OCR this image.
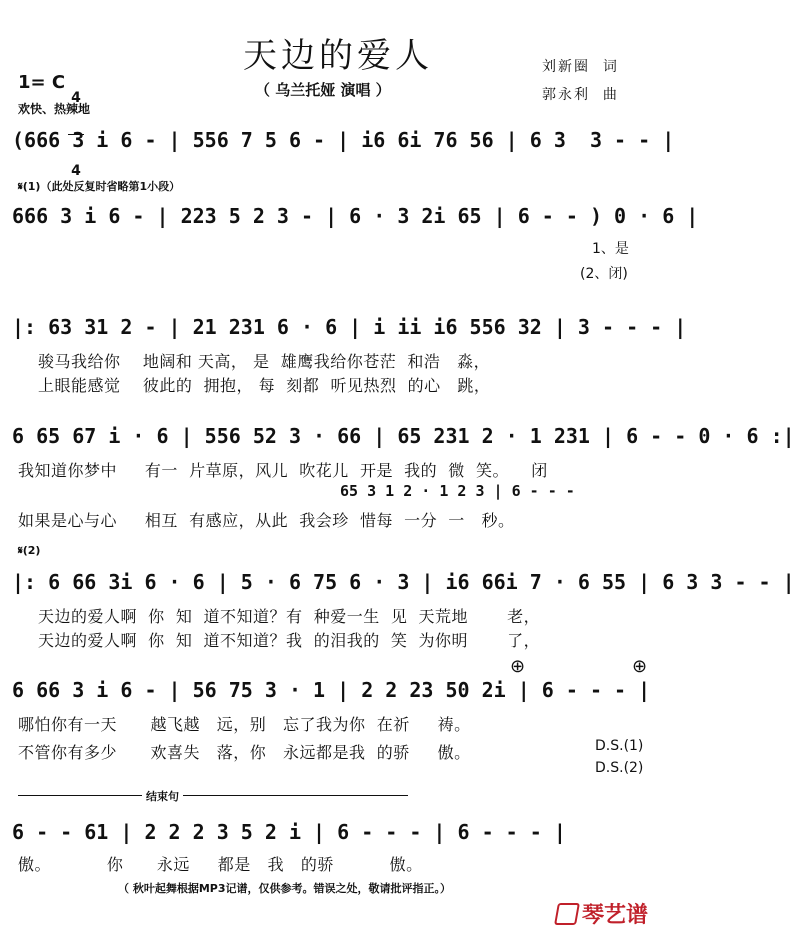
天边的爱人
（ 乌兰托娅 演唱 ）
刘新圈  词
郭永利  曲
1= C

4

4

欢快、热辣地
(666 3 i 6 - | 556 7 5 6 - | i6 6i 76 56 | 6 3  3 - - |
𝄋(1)（此处反复时省略第1小段）
666 3 i 6 - | 223 5 2 3 - | 6 · 3 2i 65 | 6 - - ) 0 · 6 |
1、是
(2、闭)
|: 63 31 2 - | 21 231 6 · 6 | i ii i6 556 32 | 3 - - - |
骏马我给你    地阔和 天高， 是  雄鹰我给你苍茫  和浩   淼，
上眼能感觉    彼此的  拥抱， 每  刻都  听见热烈  的心   跳，
6 65 67 i · 6 | 556 52 3 · 66 | 65 231 2 · 1 231 | 6 - - 0 · 6 :|
我知道你梦中     有一  片草原，风儿  吹花儿  开是  我的  微  笑。    闭
65 3 1 2 · 1 2 3 | 6 - - -
如果是心与心     相互  有感应，从此  我会珍  惜每  一分  一   秒。
𝄋(2)
|: 6 66 3i 6 · 6 | 5 · 6 75 6 · 3 | i6 66i 7 · 6 55 | 6 3 3 - - |
天边的爱人啊  你  知  道不知道？有  种爱一生  见  天荒地       老，
天边的爱人啊  你  知  道不知道？我  的泪我的  笑  为你明       了，
⊕	⊕
6 66 3 i 6 - | 56 75 3 · 1 | 2 2 23 50 2i | 6 - - - |
哪怕你有一天      越飞越   远，别   忘了我为你  在祈     祷。
不管你有多少      欢喜失   落，你   永远都是我  的骄     傲。	D.S.(1)
D.S.(2)
结束句
6 - - 61 | 2 2 2 3 5 2 i | 6 - - - | 6 - - - |
傲。          你      永远     都是   我   的骄          傲。
（ 秋叶起舞根据MP3记谱，仅供参考。错误之处，敬请批评指正。）
琴艺谱
